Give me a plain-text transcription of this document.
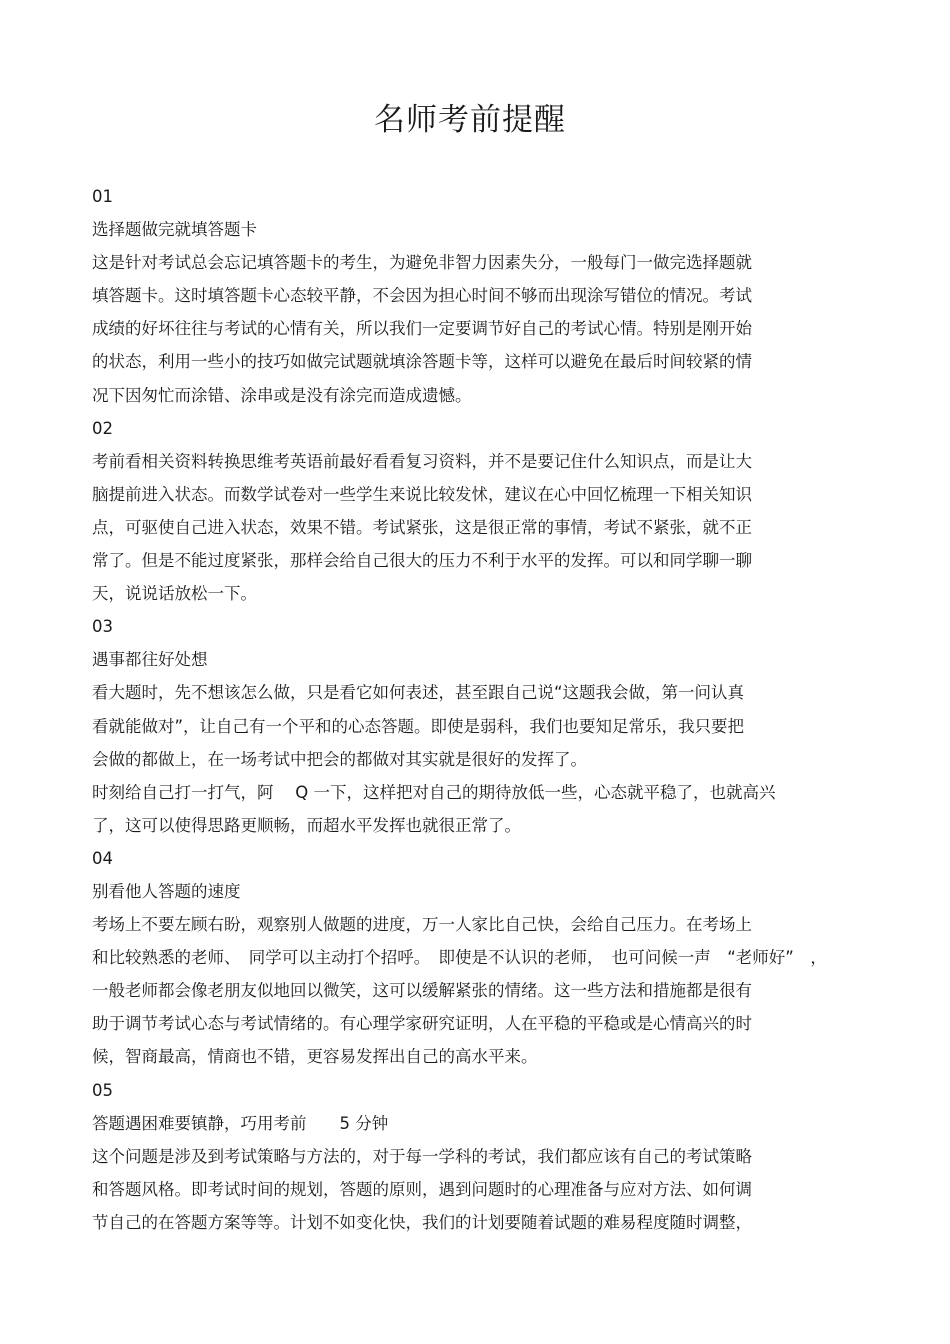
名师考前提醒

01

选择题做完就填答题卡

这是针对考试总会忘记填答题卡的考生，为避免非智力因素失分，一般每门一做完选择题就

填答题卡。这时填答题卡心态较平静，不会因为担心时间不够而出现涂写错位的情况。考试

成绩的好坏往往与考试的心情有关，所以我们一定要调节好自己的考试心情。特别是刚开始

的状态，利用一些小的技巧如做完试题就填涂答题卡等，这样可以避免在最后时间较紧的情

况下因匆忙而涂错、涂串或是没有涂完而造成遗憾。

02

考前看相关资料转换思维考英语前最好看看复习资料，并不是要记住什么知识点，而是让大

脑提前进入状态。而数学试卷对一些学生来说比较发怵，建议在心中回忆梳理一下相关知识

点，可驱使自己进入状态，效果不错。考试紧张，这是很正常的事情，考试不紧张，就不正

常了。但是不能过度紧张，那样会给自己很大的压力不利于水平的发挥。可以和同学聊一聊

天，说说话放松一下。

03

遇事都往好处想

看大题时，先不想该怎么做，只是看它如何表述，甚至跟自己说“这题我会做，第一问认真

看就能做对”，让自己有一个平和的心态答题。即使是弱科，我们也要知足常乐，我只要把

会做的都做上，在一场考试中把会的都做对其实就是很好的发挥了。

时刻给自己打一打气，阿　 Q 一下，这样把对自己的期待放低一些，心态就平稳了，也就高兴

了，这可以使得思路更顺畅，而超水平发挥也就很正常了。

04

别看他人答题的速度

考场上不要左顾右盼，观察别人做题的进度，万一人家比自己快，会给自己压力。在考场上

和比较熟悉的老师、　同学可以主动打个招呼。　即使是不认识的老师，　也可问候一声　“老师好”　，

一般老师都会像老朋友似地回以微笑，这可以缓解紧张的情绪。这一些方法和措施都是很有

助于调节考试心态与考试情绪的。有心理学家研究证明，人在平稳的平稳或是心情高兴的时

候，智商最高，情商也不错，更容易发挥出自己的高水平来。

05

答题遇困难要镇静，巧用考前　　5 分钟

这个问题是涉及到考试策略与方法的，对于每一学科的考试，我们都应该有自己的考试策略

和答题风格。即考试时间的规划，答题的原则，遇到问题时的心理准备与应对方法、如何调

节自己的在答题方案等等。计划不如变化快，我们的计划要随着试题的难易程度随时调整，
